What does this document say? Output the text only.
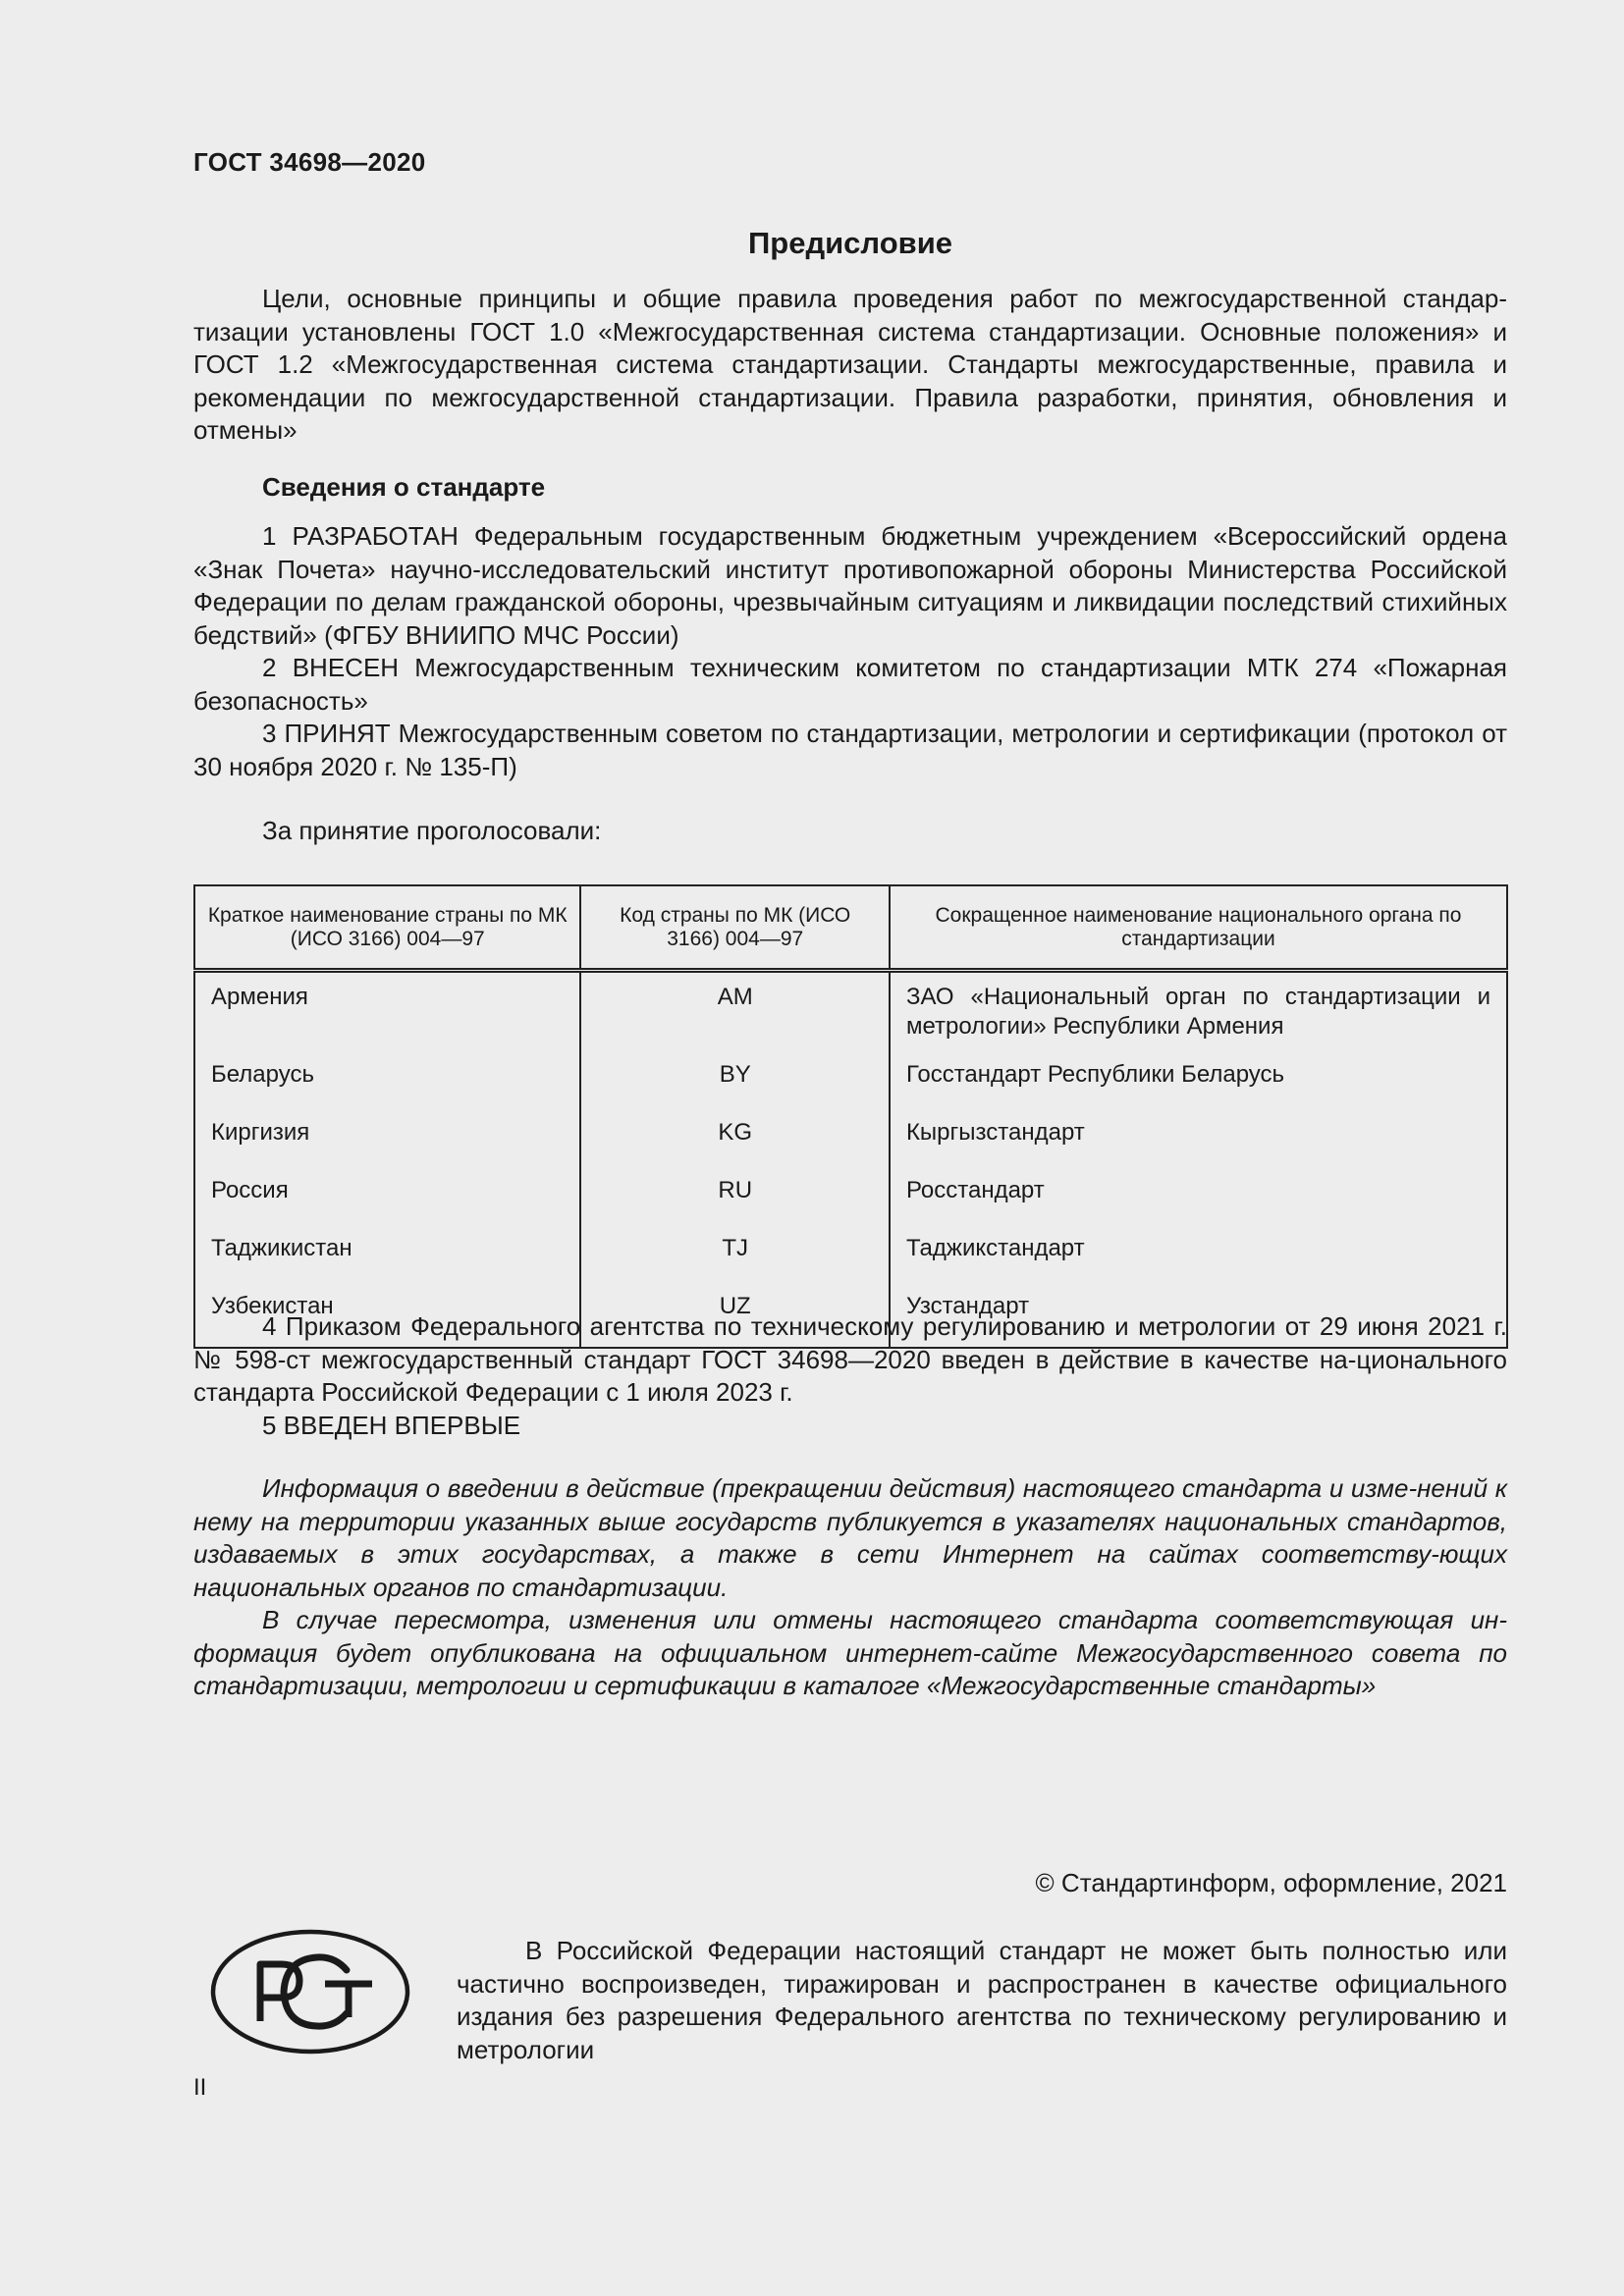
ГОСТ 34698—2020
Предисловие

Цели, основные принципы и общие правила проведения работ по межгосударственной стандар-тизации установлены ГОСТ 1.0 «Межгосударственная система стандартизации. Основные положения» и ГОСТ 1.2 «Межгосударственная система стандартизации. Стандарты межгосударственные, правила и рекомендации по межгосударственной стандартизации. Правила разработки, принятия, обновления и отмены»

Сведения о стандарте

1 РАЗРАБОТАН Федеральным государственным бюджетным учреждением «Всероссийский ордена «Знак Почета» научно-исследовательский институт противопожарной обороны Министерства Российской Федерации по делам гражданской обороны, чрезвычайным ситуациям и ликвидации последствий стихийных бедствий» (ФГБУ ВНИИПО МЧС России)

2 ВНЕСЕН Межгосударственным техническим комитетом по стандартизации МТК 274 «Пожарная безопасность»

3 ПРИНЯТ Межгосударственным советом по стандартизации, метрологии и сертификации (протокол от 30 ноября 2020 г. № 135-П)

За принятие проголосовали:
Краткое наименование страны по МК (ИСО 3166) 004—97	Код страны по МК (ИСО 3166) 004—97	Сокращенное наименование национального органа по стандартизации
Армения	AM	ЗАО «Национальный орган по стандартизации и метрологии» Республики Армения
Беларусь	BY	Госстандарт Республики Беларусь
Киргизия	KG	Кыргызстандарт
Россия	RU	Росстандарт
Таджикистан	TJ	Таджикстандарт
Узбекистан	UZ	Узстандарт

4 Приказом Федерального агентства по техническому регулированию и метрологии от 29 июня 2021 г. № 598-ст межгосударственный стандарт ГОСТ 34698—2020 введен в действие в качестве на-ционального стандарта Российской Федерации с 1 июля 2023 г.

5 ВВЕДЕН ВПЕРВЫЕ

Информация о введении в действие (прекращении действия) настоящего стандарта и изме-нений к нему на территории указанных выше государств публикуется в указателях национальных стандартов, издаваемых в этих государствах, а также в сети Интернет на сайтах соответству-ющих национальных органов по стандартизации.

В случае пересмотра, изменения или отмены настоящего стандарта соответствующая ин-формация будет опубликована на официальном интернет-сайте Межгосударственного совета по стандартизации, метрологии и сертификации в каталоге «Межгосударственные стандарты»

© Стандартинформ, оформление, 2021

В Российской Федерации настоящий стандарт не может быть полностью или частично воспроизведен, тиражирован и распространен в качестве официального издания без разрешения Федерального агентства по техническому регулированию и метрологии

II
